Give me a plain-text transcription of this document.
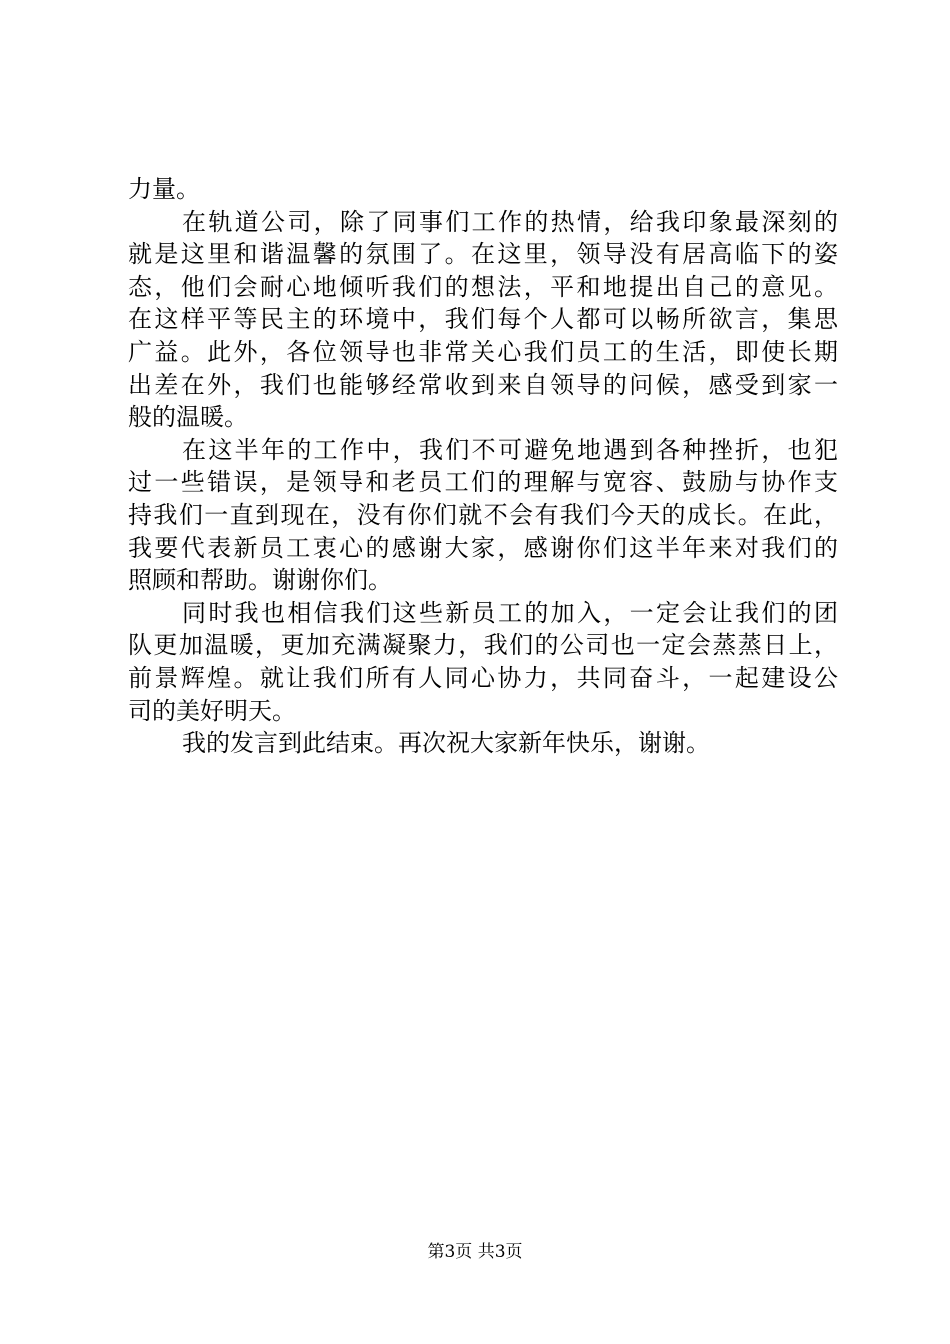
力量。
在轨道公司，除了同事们工作的热情，给我印象最深刻的
就是这里和谐温馨的氛围了。在这里，领导没有居高临下的姿
态，他们会耐心地倾听我们的想法，平和地提出自己的意见。
在这样平等民主的环境中，我们每个人都可以畅所欲言，集思
广益。此外，各位领导也非常关心我们员工的生活，即使长期
出差在外，我们也能够经常收到来自领导的问候，感受到家一
般的温暖。
在这半年的工作中，我们不可避免地遇到各种挫折，也犯
过一些错误，是领导和老员工们的理解与宽容、鼓励与协作支
持我们一直到现在，没有你们就不会有我们今天的成长。在此，
我要代表新员工衷心的感谢大家，感谢你们这半年来对我们的
照顾和帮助。谢谢你们。
同时我也相信我们这些新员工的加入，一定会让我们的团
队更加温暖，更加充满凝聚力，我们的公司也一定会蒸蒸日上，
前景辉煌。就让我们所有人同心协力，共同奋斗，一起建设公
司的美好明天。
我的发言到此结束。再次祝大家新年快乐，谢谢。
第3页 共3页
